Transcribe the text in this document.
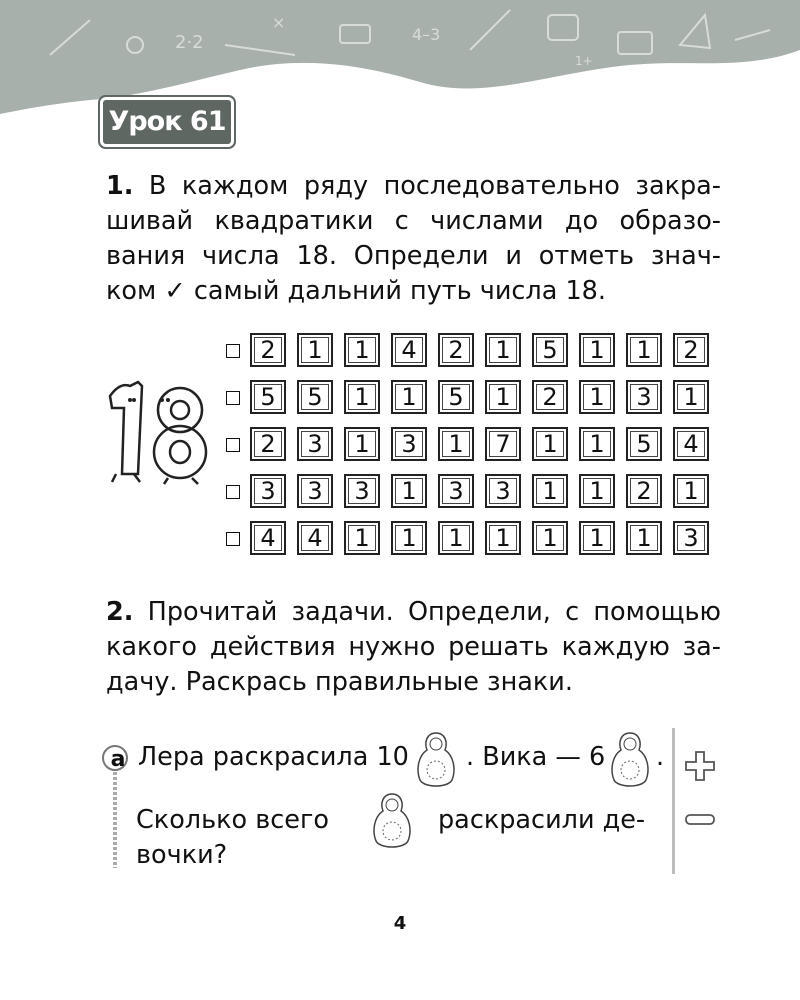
2·2
×
4–3
1+
Урок 61
1. В каждом ряду последовательно закра-
шивай квадратики с числами до образо-
вания числа 18. Определи и отметь знач-
ком ✓ самый дальний путь числа 18.
2	1	1	4	2	1	5	1	1	2
5	5	1	1	5	1	2	1	3	1
2	3	1	3	1	7	1	1	5	4
3	3	3	1	3	3	1	1	2	1
4	4	1	1	1	1	1	1	1	3
2. Прочитай задачи. Определи, с помощью
какого действия нужно решать каждую за-
дачу. Раскрась правильные знаки.
а Лера раскрасила 10 . Вика — 6 .
Сколько всего	раскрасили де-
вочки?
4
